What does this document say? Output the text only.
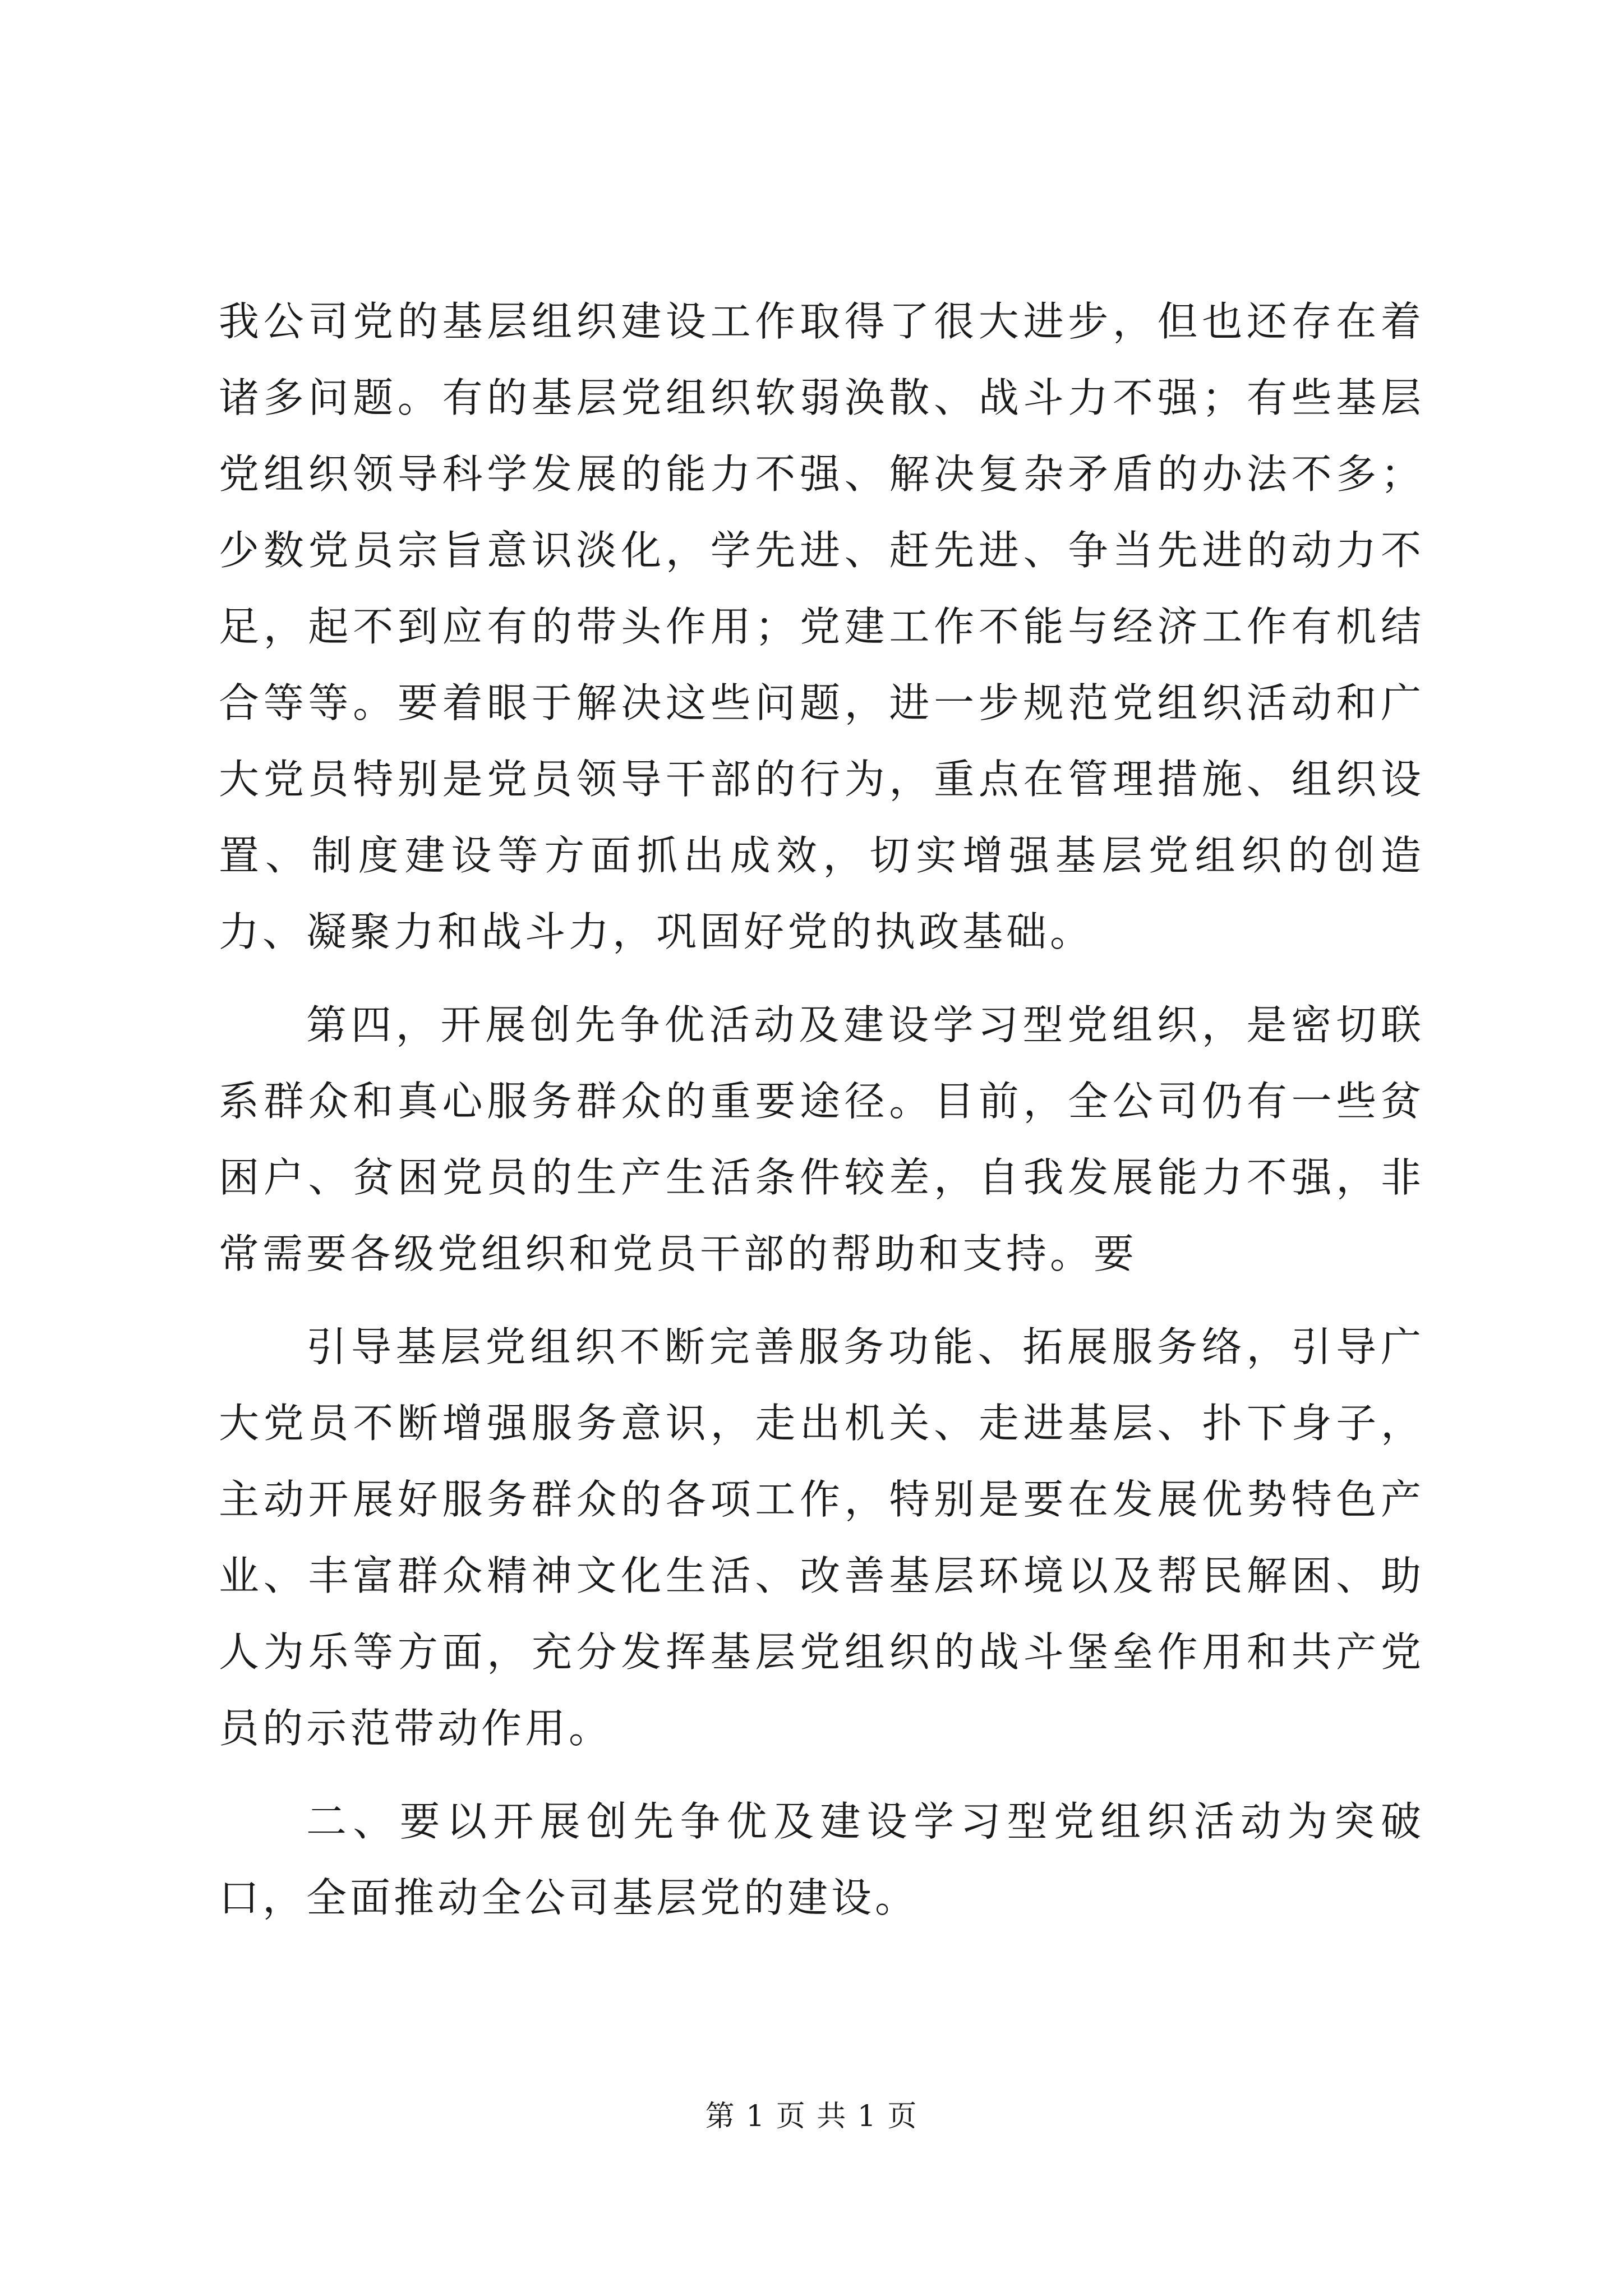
我公司党的基层组织建设工作取得了很大进步，但也还存在着诸多问题。有的基层党组织软弱涣散、战斗力不强；有些基层党组织领导科学发展的能力不强、解决复杂矛盾的办法不多；少数党员宗旨意识淡化，学先进、赶先进、争当先进的动力不足，起不到应有的带头作用；党建工作不能与经济工作有机结合等等。要着眼于解决这些问题，进一步规范党组织活动和广大党员特别是党员领导干部的行为，重点在管理措施、组织设置、制度建设等方面抓出成效，切实增强基层党组织的创造力、凝聚力和战斗力，巩固好党的执政基础。

第四，开展创先争优活动及建设学习型党组织，是密切联系群众和真心服务群众的重要途径。目前，全公司仍有一些贫困户、贫困党员的生产生活条件较差，自我发展能力不强，非常需要各级党组织和党员干部的帮助和支持。要

引导基层党组织不断完善服务功能、拓展服务络，引导广大党员不断增强服务意识，走出机关、走进基层、扑下身子，主动开展好服务群众的各项工作，特别是要在发展优势特色产业、丰富群众精神文化生活、改善基层环境以及帮民解困、助人为乐等方面，充分发挥基层党组织的战斗堡垒作用和共产党员的示范带动作用。

二、要以开展创先争优及建设学习型党组织活动为突破口，全面推动全公司基层党的建设。

第 1 页 共 1 页
